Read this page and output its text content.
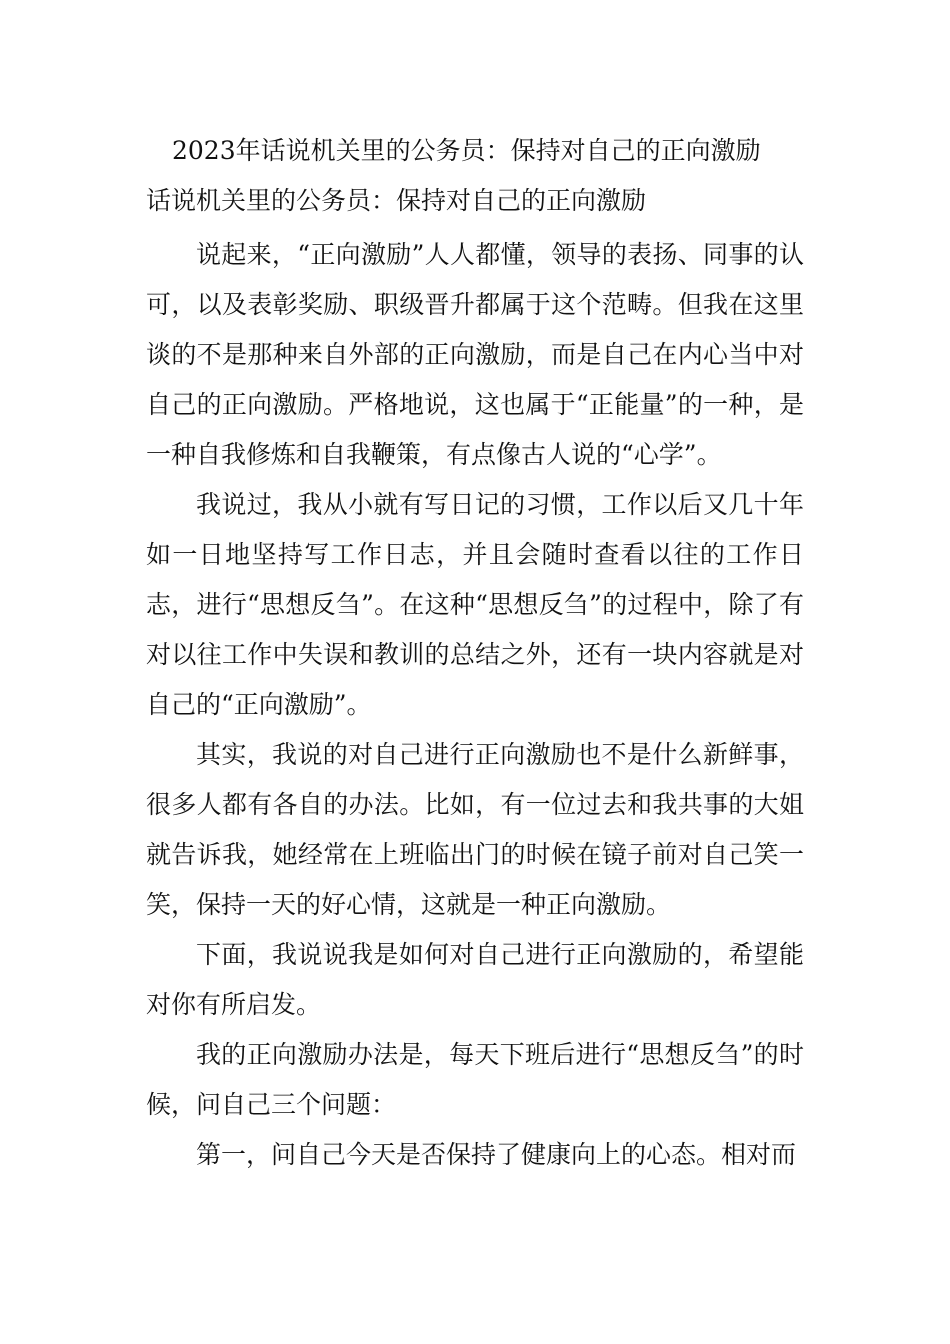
2023年话说机关里的公务员：保持对自己的正向激励
话说机关里的公务员：保持对自己的正向激励

说起来，“正向激励”人人都懂，领导的表扬、同事的认可，以及表彰奖励、职级晋升都属于这个范畴。但我在这里谈的不是那种来自外部的正向激励，而是自己在内心当中对自己的正向激励。严格地说，这也属于“正能量”的一种，是一种自我修炼和自我鞭策，有点像古人说的“心学”。

我说过，我从小就有写日记的习惯，工作以后又几十年如一日地坚持写工作日志，并且会随时查看以往的工作日志，进行“思想反刍”。在这种“思想反刍”的过程中，除了有对以往工作中失误和教训的总结之外，还有一块内容就是对自己的“正向激励”。

其实，我说的对自己进行正向激励也不是什么新鲜事，很多人都有各自的办法。比如，有一位过去和我共事的大姐就告诉我，她经常在上班临出门的时候在镜子前对自己笑一笑，保持一天的好心情，这就是一种正向激励。

下面，我说说我是如何对自己进行正向激励的，希望能对你有所启发。

我的正向激励办法是，每天下班后进行“思想反刍”的时候，问自己三个问题：

第一，问自己今天是否保持了健康向上的心态。相对而
